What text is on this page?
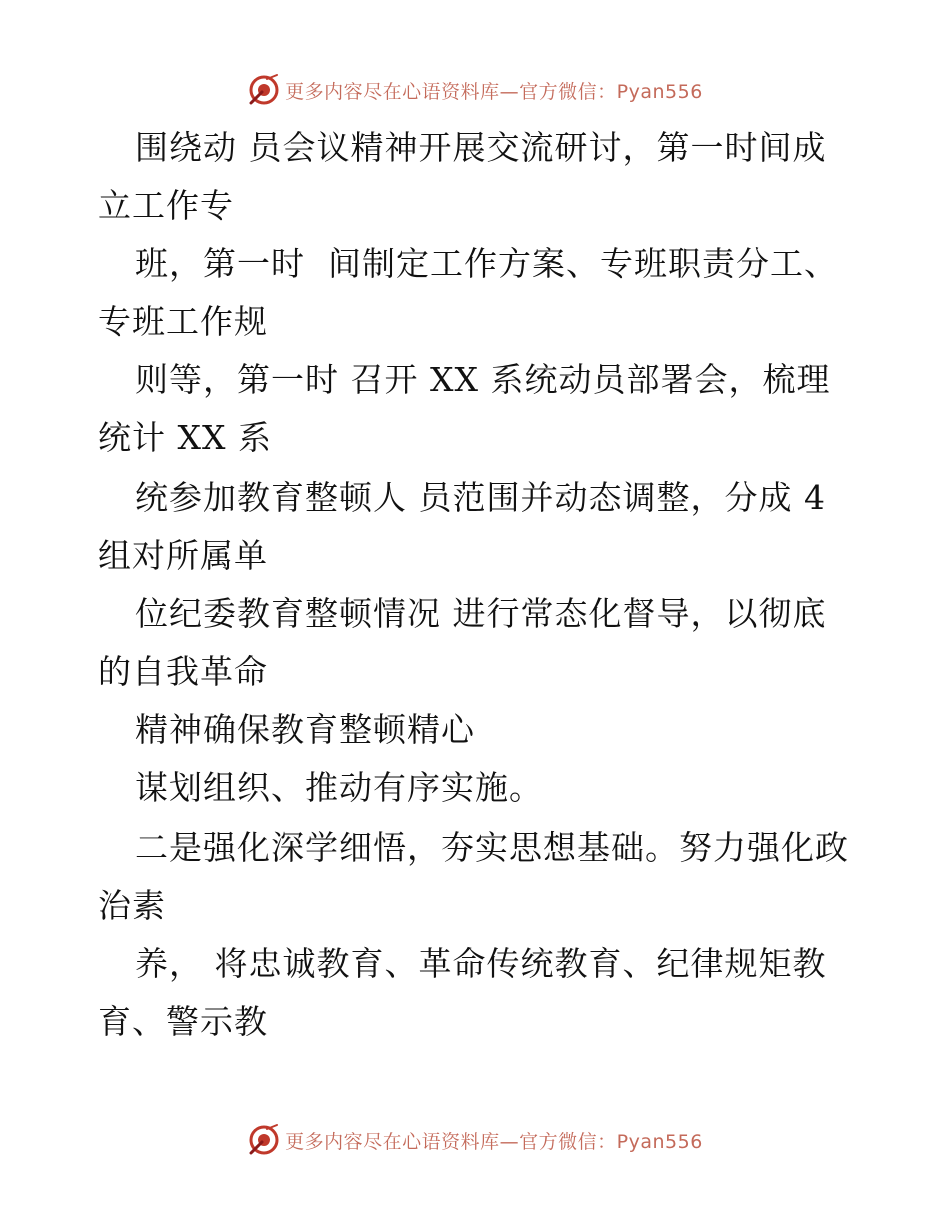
更多内容尽在心语资料库—官方微信：Pyan556
围绕动 员会议精神开展交流研讨，第一时间成
立工作专
班，第一时  间制定工作方案、专班职责分工、
专班工作规
则等，第一时 召开 XX 系统动员部署会，梳理
统计 XX 系
统参加教育整顿人 员范围并动态调整，分成 4
组对所属单
位纪委教育整顿情况 进行常态化督导，以彻底
的自我革命
精神确保教育整顿精心
谋划组织、推动有序实施。
二是强化深学细悟，夯实思想基础。努力强化政
治素
养， 将忠诚教育、革命传统教育、纪律规矩教
育、警示教
更多内容尽在心语资料库—官方微信：Pyan556
